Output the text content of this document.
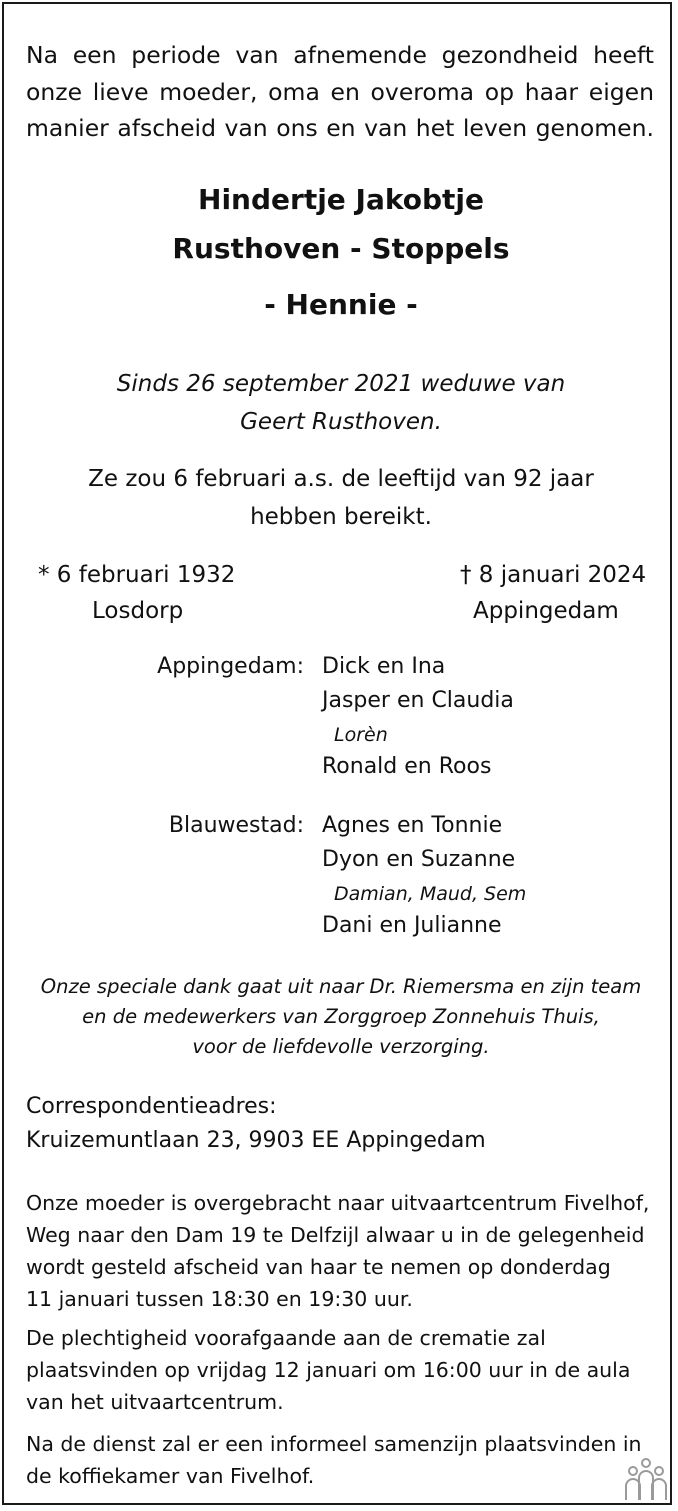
Na een periode van afnemende gezondheid heeft
onze lieve moeder, oma en overoma op haar eigen
manier afscheid van ons en van het leven genomen.
Hindertje Jakobtje
Rusthoven - Stoppels
- Hennie -
Sinds 26 september 2021 weduwe van
Geert Rusthoven.
Ze zou 6 februari a.s. de leeftijd van 92 jaar
hebben bereikt.
* 6 februari 1932
Losdorp
† 8 januari 2024
Appingedam
Appingedam: Dick en Ina
Jasper en Claudia
Lorèn
Ronald en Roos
Blauwestad: Agnes en Tonnie
Dyon en Suzanne
Damian, Maud, Sem
Dani en Julianne
Onze speciale dank gaat uit naar Dr. Riemersma en zijn team
en de medewerkers van Zorggroep Zonnehuis Thuis,
voor de liefdevolle verzorging.
Correspondentieadres:
Kruizemuntlaan 23, 9903 EE Appingedam
Onze moeder is overgebracht naar uitvaartcentrum Fivelhof,
Weg naar den Dam 19 te Delfzijl alwaar u in de gelegenheid
wordt gesteld afscheid van haar te nemen op donderdag
11 januari tussen 18:30 en 19:30 uur.
De plechtigheid voorafgaande aan de crematie zal
plaatsvinden op vrijdag 12 januari om 16:00 uur in de aula
van het uitvaartcentrum.
Na de dienst zal er een informeel samenzijn plaatsvinden in
de koffiekamer van Fivelhof.
